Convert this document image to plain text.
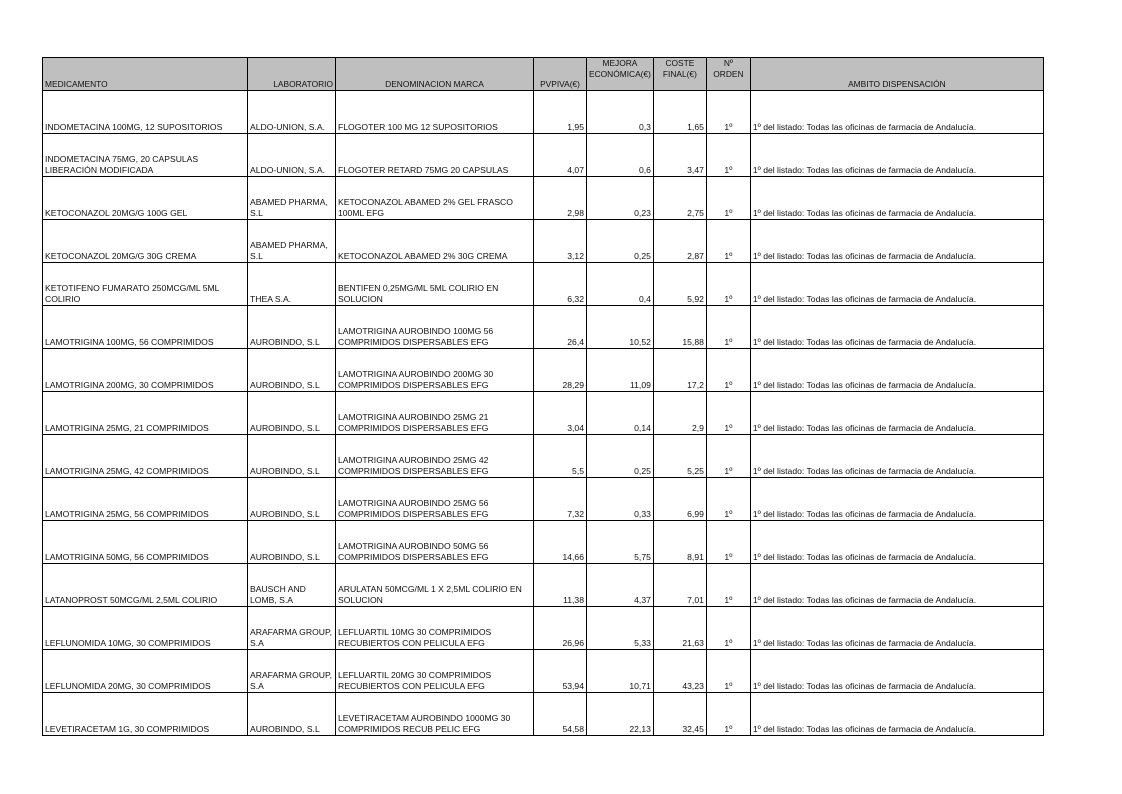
MEDICAMENTO	LABORATORIO	DENOMINACION MARCA	PVPIVA(€)	MEJORA ECONÓMICA(€)	COSTE FINAL(€)	Nº ORDEN	AMBITO DISPENSACIÓN
INDOMETACINA 100MG, 12 SUPOSITORIOS	ALDO-UNION, S.A.	FLOGOTER 100 MG 12 SUPOSITORIOS	1,95	0,3	1,65	1º	1º del listado: Todas las oficinas de farmacia de Andalucía.
INDOMETACINA 75MG, 20 CAPSULAS LIBERACIÓN MODIFICADA	ALDO-UNION, S.A.	FLOGOTER RETARD 75MG 20 CAPSULAS	4,07	0,6	3,47	1º	1º del listado: Todas las oficinas de farmacia de Andalucía.
KETOCONAZOL 20MG/G 100G GEL	ABAMED PHARMA, S.L	KETOCONAZOL ABAMED 2% GEL FRASCO 100ML EFG	2,98	0,23	2,75	1º	1º del listado: Todas las oficinas de farmacia de Andalucía.
KETOCONAZOL 20MG/G 30G CREMA	ABAMED PHARMA, S.L	KETOCONAZOL ABAMED 2% 30G CREMA	3,12	0,25	2,87	1º	1º del listado: Todas las oficinas de farmacia de Andalucía.
KETOTIFENO FUMARATO 250MCG/ML 5ML COLIRIO	THEA S.A.	BENTIFEN 0,25MG/ML 5ML COLIRIO EN SOLUCION	6,32	0,4	5,92	1º	1º del listado: Todas las oficinas de farmacia de Andalucía.
LAMOTRIGINA 100MG, 56 COMPRIMIDOS	AUROBINDO, S.L	LAMOTRIGINA AUROBINDO 100MG 56 COMPRIMIDOS DISPERSABLES EFG	26,4	10,52	15,88	1º	1º del listado: Todas las oficinas de farmacia de Andalucía.
LAMOTRIGINA 200MG, 30 COMPRIMIDOS	AUROBINDO, S.L	LAMOTRIGINA AUROBINDO 200MG 30 COMPRIMIDOS DISPERSABLES EFG	28,29	11,09	17,2	1º	1º del listado: Todas las oficinas de farmacia de Andalucía.
LAMOTRIGINA 25MG, 21 COMPRIMIDOS	AUROBINDO, S.L	LAMOTRIGINA AUROBINDO 25MG 21 COMPRIMIDOS DISPERSABLES EFG	3,04	0,14	2,9	1º	1º del listado: Todas las oficinas de farmacia de Andalucía.
LAMOTRIGINA 25MG, 42 COMPRIMIDOS	AUROBINDO, S.L	LAMOTRIGINA AUROBINDO 25MG 42 COMPRIMIDOS DISPERSABLES EFG	5,5	0,25	5,25	1º	1º del listado: Todas las oficinas de farmacia de Andalucía.
LAMOTRIGINA 25MG, 56 COMPRIMIDOS	AUROBINDO, S.L	LAMOTRIGINA AUROBINDO 25MG 56 COMPRIMIDOS DISPERSABLES EFG	7,32	0,33	6,99	1º	1º del listado: Todas las oficinas de farmacia de Andalucía.
LAMOTRIGINA 50MG, 56 COMPRIMIDOS	AUROBINDO, S.L	LAMOTRIGINA AUROBINDO 50MG 56 COMPRIMIDOS DISPERSABLES EFG	14,66	5,75	8,91	1º	1º del listado: Todas las oficinas de farmacia de Andalucía.
LATANOPROST 50MCG/ML 2,5ML COLIRIO	BAUSCH AND LOMB, S.A	ARULATAN 50MCG/ML 1 X 2,5ML COLIRIO EN SOLUCION	11,38	4,37	7,01	1º	1º del listado: Todas las oficinas de farmacia de Andalucía.
LEFLUNOMIDA 10MG, 30 COMPRIMIDOS	ARAFARMA GROUP, S.A	LEFLUARTIL 10MG 30 COMPRIMIDOS RECUBIERTOS CON PELICULA EFG	26,96	5,33	21,63	1º	1º del listado: Todas las oficinas de farmacia de Andalucía.
LEFLUNOMIDA 20MG, 30 COMPRIMIDOS	ARAFARMA GROUP, S.A	LEFLUARTIL 20MG 30 COMPRIMIDOS RECUBIERTOS CON PELICULA EFG	53,94	10,71	43,23	1º	1º del listado: Todas las oficinas de farmacia de Andalucía.
LEVETIRACETAM 1G, 30 COMPRIMIDOS	AUROBINDO, S.L	LEVETIRACETAM AUROBINDO 1000MG 30 COMPRIMIDOS RECUB PELIC EFG	54,58	22,13	32,45	1º	1º del listado: Todas las oficinas de farmacia de Andalucía.
